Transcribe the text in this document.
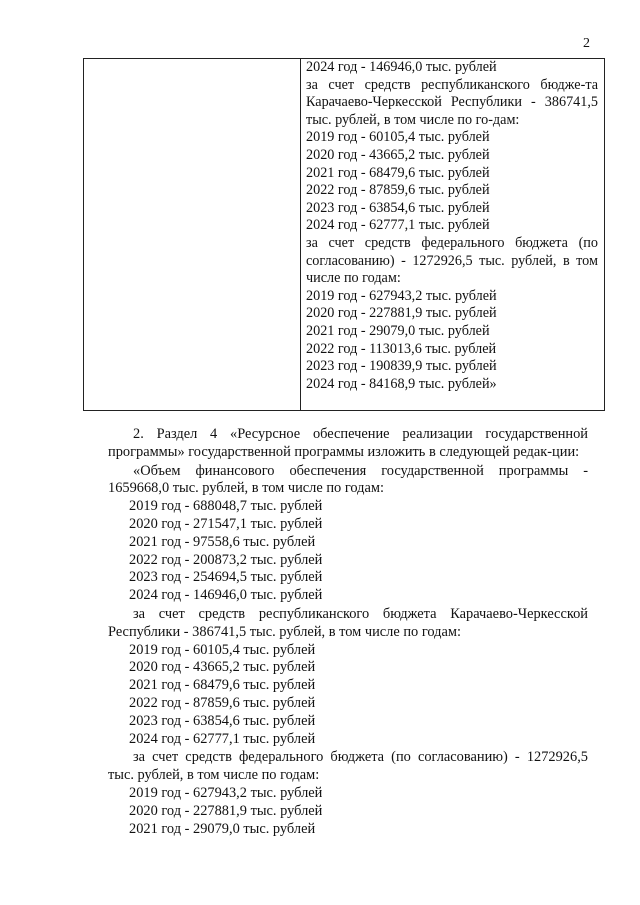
2

2024 год - 146946,0 тыс. рублей

за счет средств республиканского бюдже-та Карачаево-Черкесской Республики - 386741,5 тыс. рублей, в том числе по го-дам:

2019 год - 60105,4 тыс. рублей

2020 год - 43665,2 тыс. рублей

2021 год - 68479,6 тыс. рублей

2022 год - 87859,6 тыс. рублей

2023 год - 63854,6 тыс. рублей

2024 год - 62777,1 тыс. рублей

за счет средств федерального бюджета (по согласованию) - 1272926,5 тыс. рублей, в том числе по годам:

2019 год - 627943,2 тыс. рублей

2020 год - 227881,9 тыс. рублей

2021 год - 29079,0 тыс. рублей

2022 год - 113013,6 тыс. рублей

2023 год - 190839,9 тыс. рублей

2024 год - 84168,9 тыс. рублей»

2. Раздел 4 «Ресурсное обеспечение реализации государственной программы» государственной программы изложить в следующей редак-ции:

«Объем финансового обеспечения государственной программы - 1659668,0 тыс. рублей, в том числе по годам:

2019 год - 688048,7 тыс. рублей

2020 год - 271547,1 тыс. рублей

2021 год - 97558,6 тыс. рублей

2022 год - 200873,2 тыс. рублей

2023 год - 254694,5 тыс. рублей

2024 год - 146946,0 тыс. рублей

за счет средств республиканского бюджета Карачаево-Черкесской Республики - 386741,5 тыс. рублей, в том числе по годам:

2019 год - 60105,4 тыс. рублей

2020 год - 43665,2 тыс. рублей

2021 год - 68479,6 тыс. рублей

2022 год - 87859,6 тыс. рублей

2023 год - 63854,6 тыс. рублей

2024 год - 62777,1 тыс. рублей

за счет средств федерального бюджета (по согласованию) - 1272926,5 тыс. рублей, в том числе по годам:

2019 год - 627943,2 тыс. рублей

2020 год - 227881,9 тыс. рублей

2021 год - 29079,0 тыс. рублей
